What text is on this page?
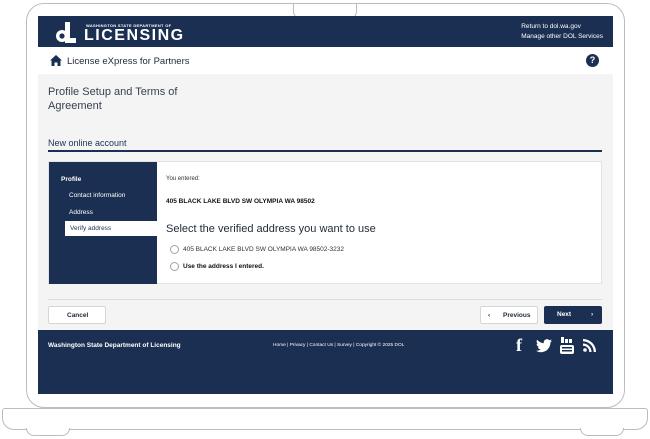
WASHINGTON STATE DEPARTMENT OF
LICENSING
Return to dol.wa.gov
Manage other DOL Services
License eXpress for Partners	?
Profile Setup and Terms of Agreement
New online account
Profile
Contact information
Address
Verify address
You entered:
405 BLACK LAKE BLVD SW OLYMPIA WA 98502
Select the verified address you want to use
405 BLACK LAKE BLVD SW OLYMPIA WA 98502-3232
Use the address I entered.
Cancel	‹ Previous	Next	›
Washington State Department of Licensing	Home | Privacy | Contact Us | Survey | Copyright © 2025 DOL	f
